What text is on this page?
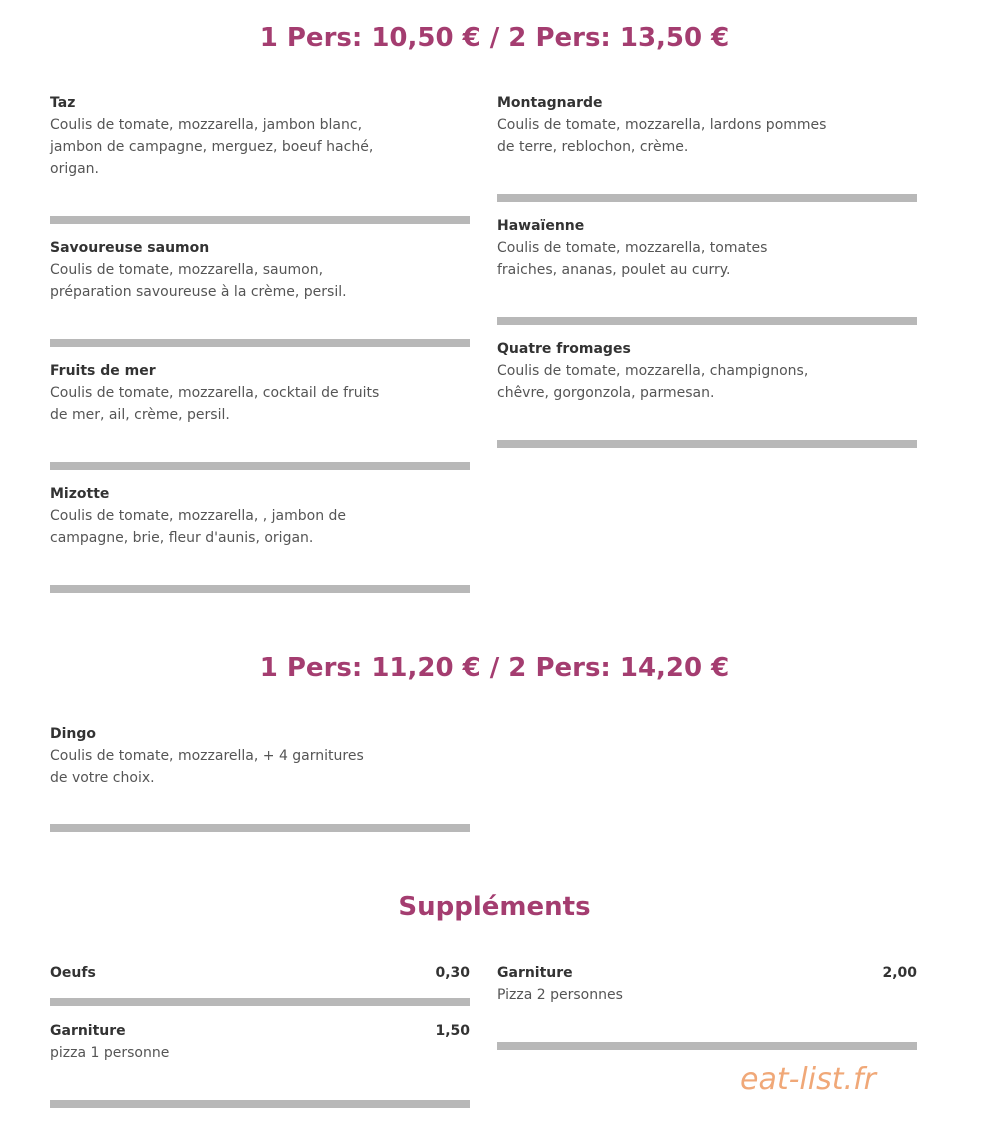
1 Pers: 10,50 € / 2 Pers: 13,50 €
Taz
Coulis de tomate, mozzarella, jambon blanc, jambon de campagne, merguez, boeuf haché, origan.
Savoureuse saumon
Coulis de tomate, mozzarella, saumon, préparation savoureuse à la crème, persil.
Fruits de mer
Coulis de tomate, mozzarella, cocktail de fruits de mer, ail, crème, persil.
Mizotte
Coulis de tomate, mozzarella, , jambon de campagne, brie, fleur d'aunis, origan.
Montagnarde
Coulis de tomate, mozzarella, lardons pommes de terre, reblochon, crème.
Hawaïenne
Coulis de tomate, mozzarella, tomates fraiches, ananas, poulet au curry.
Quatre fromages
Coulis de tomate, mozzarella, champignons, chêvre, gorgonzola, parmesan.
1 Pers: 11,20 € / 2 Pers: 14,20 €
Dingo
Coulis de tomate, mozzarella, + 4 garnitures de votre choix.
Suppléments
Oeufs	0,30
Garniture	1,50
pizza 1 personne
Garniture	2,00
Pizza 2 personnes
eat-list.fr
